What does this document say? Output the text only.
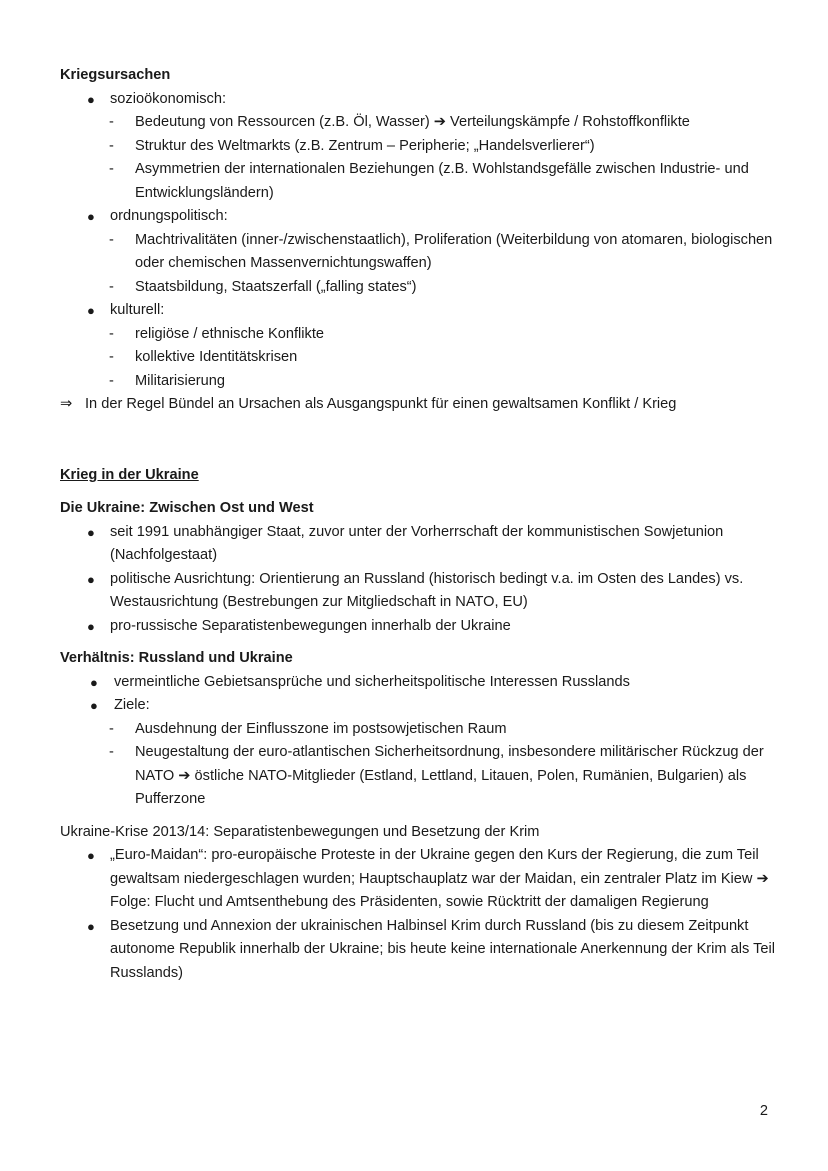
Kriegsursachen
● sozioökonomisch:
- Bedeutung von Ressourcen (z.B. Öl, Wasser) ➔ Verteilungskämpfe / Rohstoffkonflikte
- Struktur des Weltmarkts (z.B. Zentrum – Peripherie; „Handelsverlierer“)
- Asymmetrien der internationalen Beziehungen (z.B. Wohlstandsgefälle zwischen Industrie- und Entwicklungsländern)
● ordnungspolitisch:
- Machtrivalitäten (inner-/zwischenstaatlich), Proliferation (Weiterbildung von atomaren, biologischen oder chemischen Massenvernichtungswaffen)
- Staatsbildung, Staatszerfall („falling states“)
● kulturell:
- religiöse / ethnische Konflikte
- kollektive Identitätskrisen
- Militarisierung
⇒ In der Regel Bündel an Ursachen als Ausgangspunkt für einen gewaltsamen Konflikt / Krieg
Krieg in der Ukraine
Die Ukraine: Zwischen Ost und West
● seit 1991 unabhängiger Staat, zuvor unter der Vorherrschaft der kommunistischen Sowjetunion (Nachfolgestaat)
● politische Ausrichtung: Orientierung an Russland (historisch bedingt v.a. im Osten des Landes) vs. Westausrichtung (Bestrebungen zur Mitgliedschaft in NATO, EU)
● pro-russische Separatistenbewegungen innerhalb der Ukraine
Verhältnis: Russland und Ukraine
● vermeintliche Gebietsansprüche und sicherheitspolitische Interessen Russlands
● Ziele:
- Ausdehnung der Einflusszone im postsowjetischen Raum
- Neugestaltung der euro-atlantischen Sicherheitsordnung, insbesondere militärischer Rückzug der NATO ➔ östliche NATO-Mitglieder (Estland, Lettland, Litauen, Polen, Rumänien, Bulgarien) als Pufferzone
Ukraine-Krise 2013/14: Separatistenbewegungen und Besetzung der Krim
● „Euro-Maidan“: pro-europäische Proteste in der Ukraine gegen den Kurs der Regierung, die zum Teil gewaltsam niedergeschlagen wurden; Hauptschauplatz war der Maidan, ein zentraler Platz im Kiew ➔ Folge: Flucht und Amtsenthebung des Präsidenten, sowie Rücktritt der damaligen Regierung
● Besetzung und Annexion der ukrainischen Halbinsel Krim durch Russland (bis zu diesem Zeitpunkt autonome Republik innerhalb der Ukraine; bis heute keine internationale Anerkennung der Krim als Teil Russlands)
2
